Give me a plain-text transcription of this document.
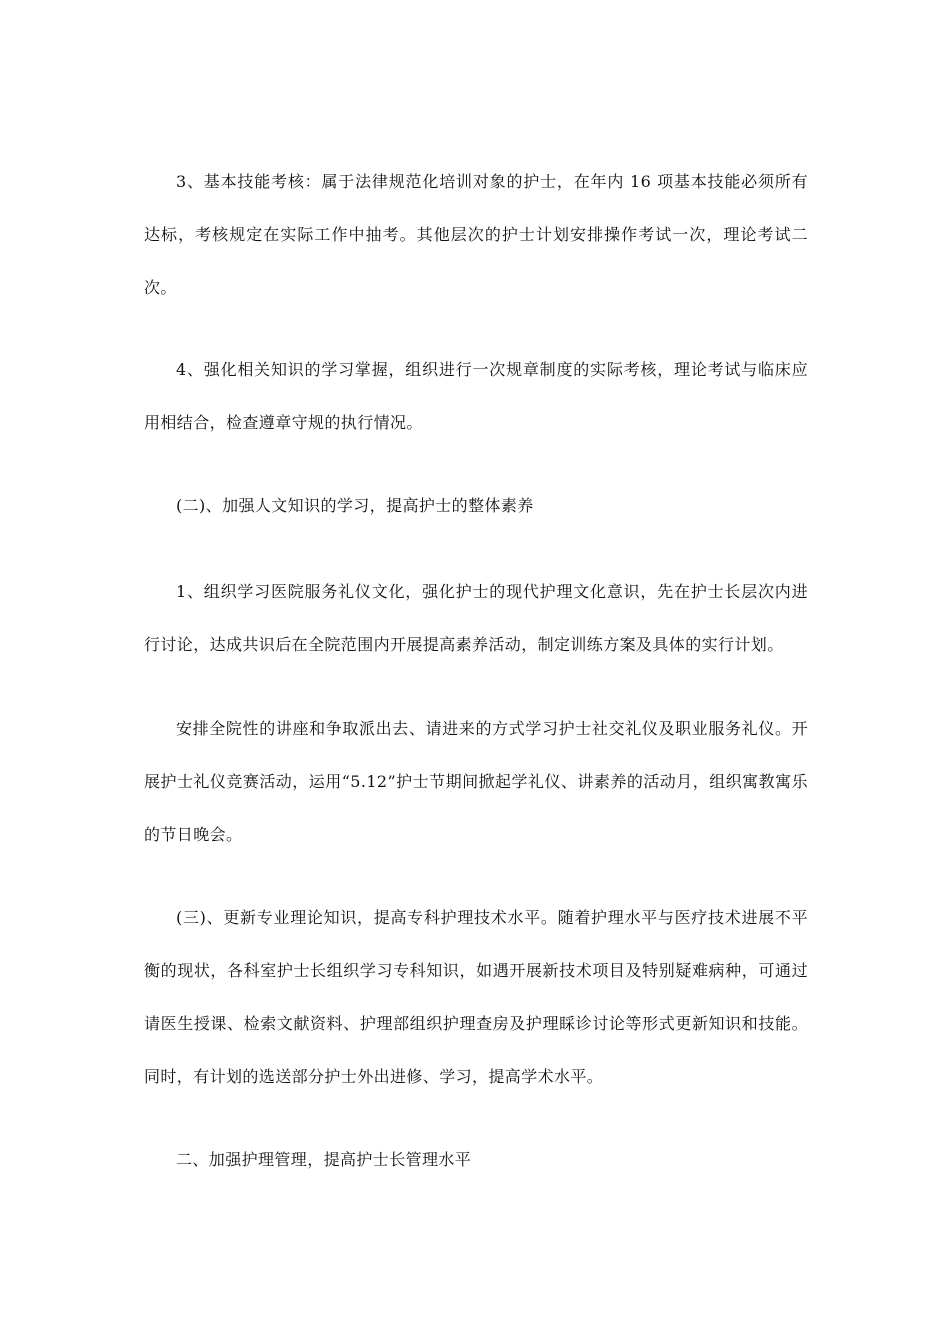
3、基本技能考核：属于法律规范化培训对象的护士，在年内 16 项基本技能必须所有达标，考核规定在实际工作中抽考。其他层次的护士计划安排操作考试一次，理论考试二次。

4、强化相关知识的学习掌握，组织进行一次规章制度的实际考核，理论考试与临床应用相结合，检查遵章守规的执行情况。

(二)、加强人文知识的学习，提高护士的整体素养

1、组织学习医院服务礼仪文化，强化护士的现代护理文化意识，先在护士长层次内进行讨论，达成共识后在全院范围内开展提高素养活动，制定训练方案及具体的实行计划。

安排全院性的讲座和争取派出去、请进来的方式学习护士社交礼仪及职业服务礼仪。开展护士礼仪竞赛活动，运用“5.12”护士节期间掀起学礼仪、讲素养的活动月，组织寓教寓乐的节日晚会。

(三)、更新专业理论知识，提高专科护理技术水平。随着护理水平与医疗技术进展不平衡的现状，各科室护士长组织学习专科知识，如遇开展新技术项目及特别疑难病种，可通过请医生授课、检索文献资料、护理部组织护理查房及护理睬诊讨论等形式更新知识和技能。同时，有计划的选送部分护士外出进修、学习，提高学术水平。

二、加强护理管理，提高护士长管理水平
